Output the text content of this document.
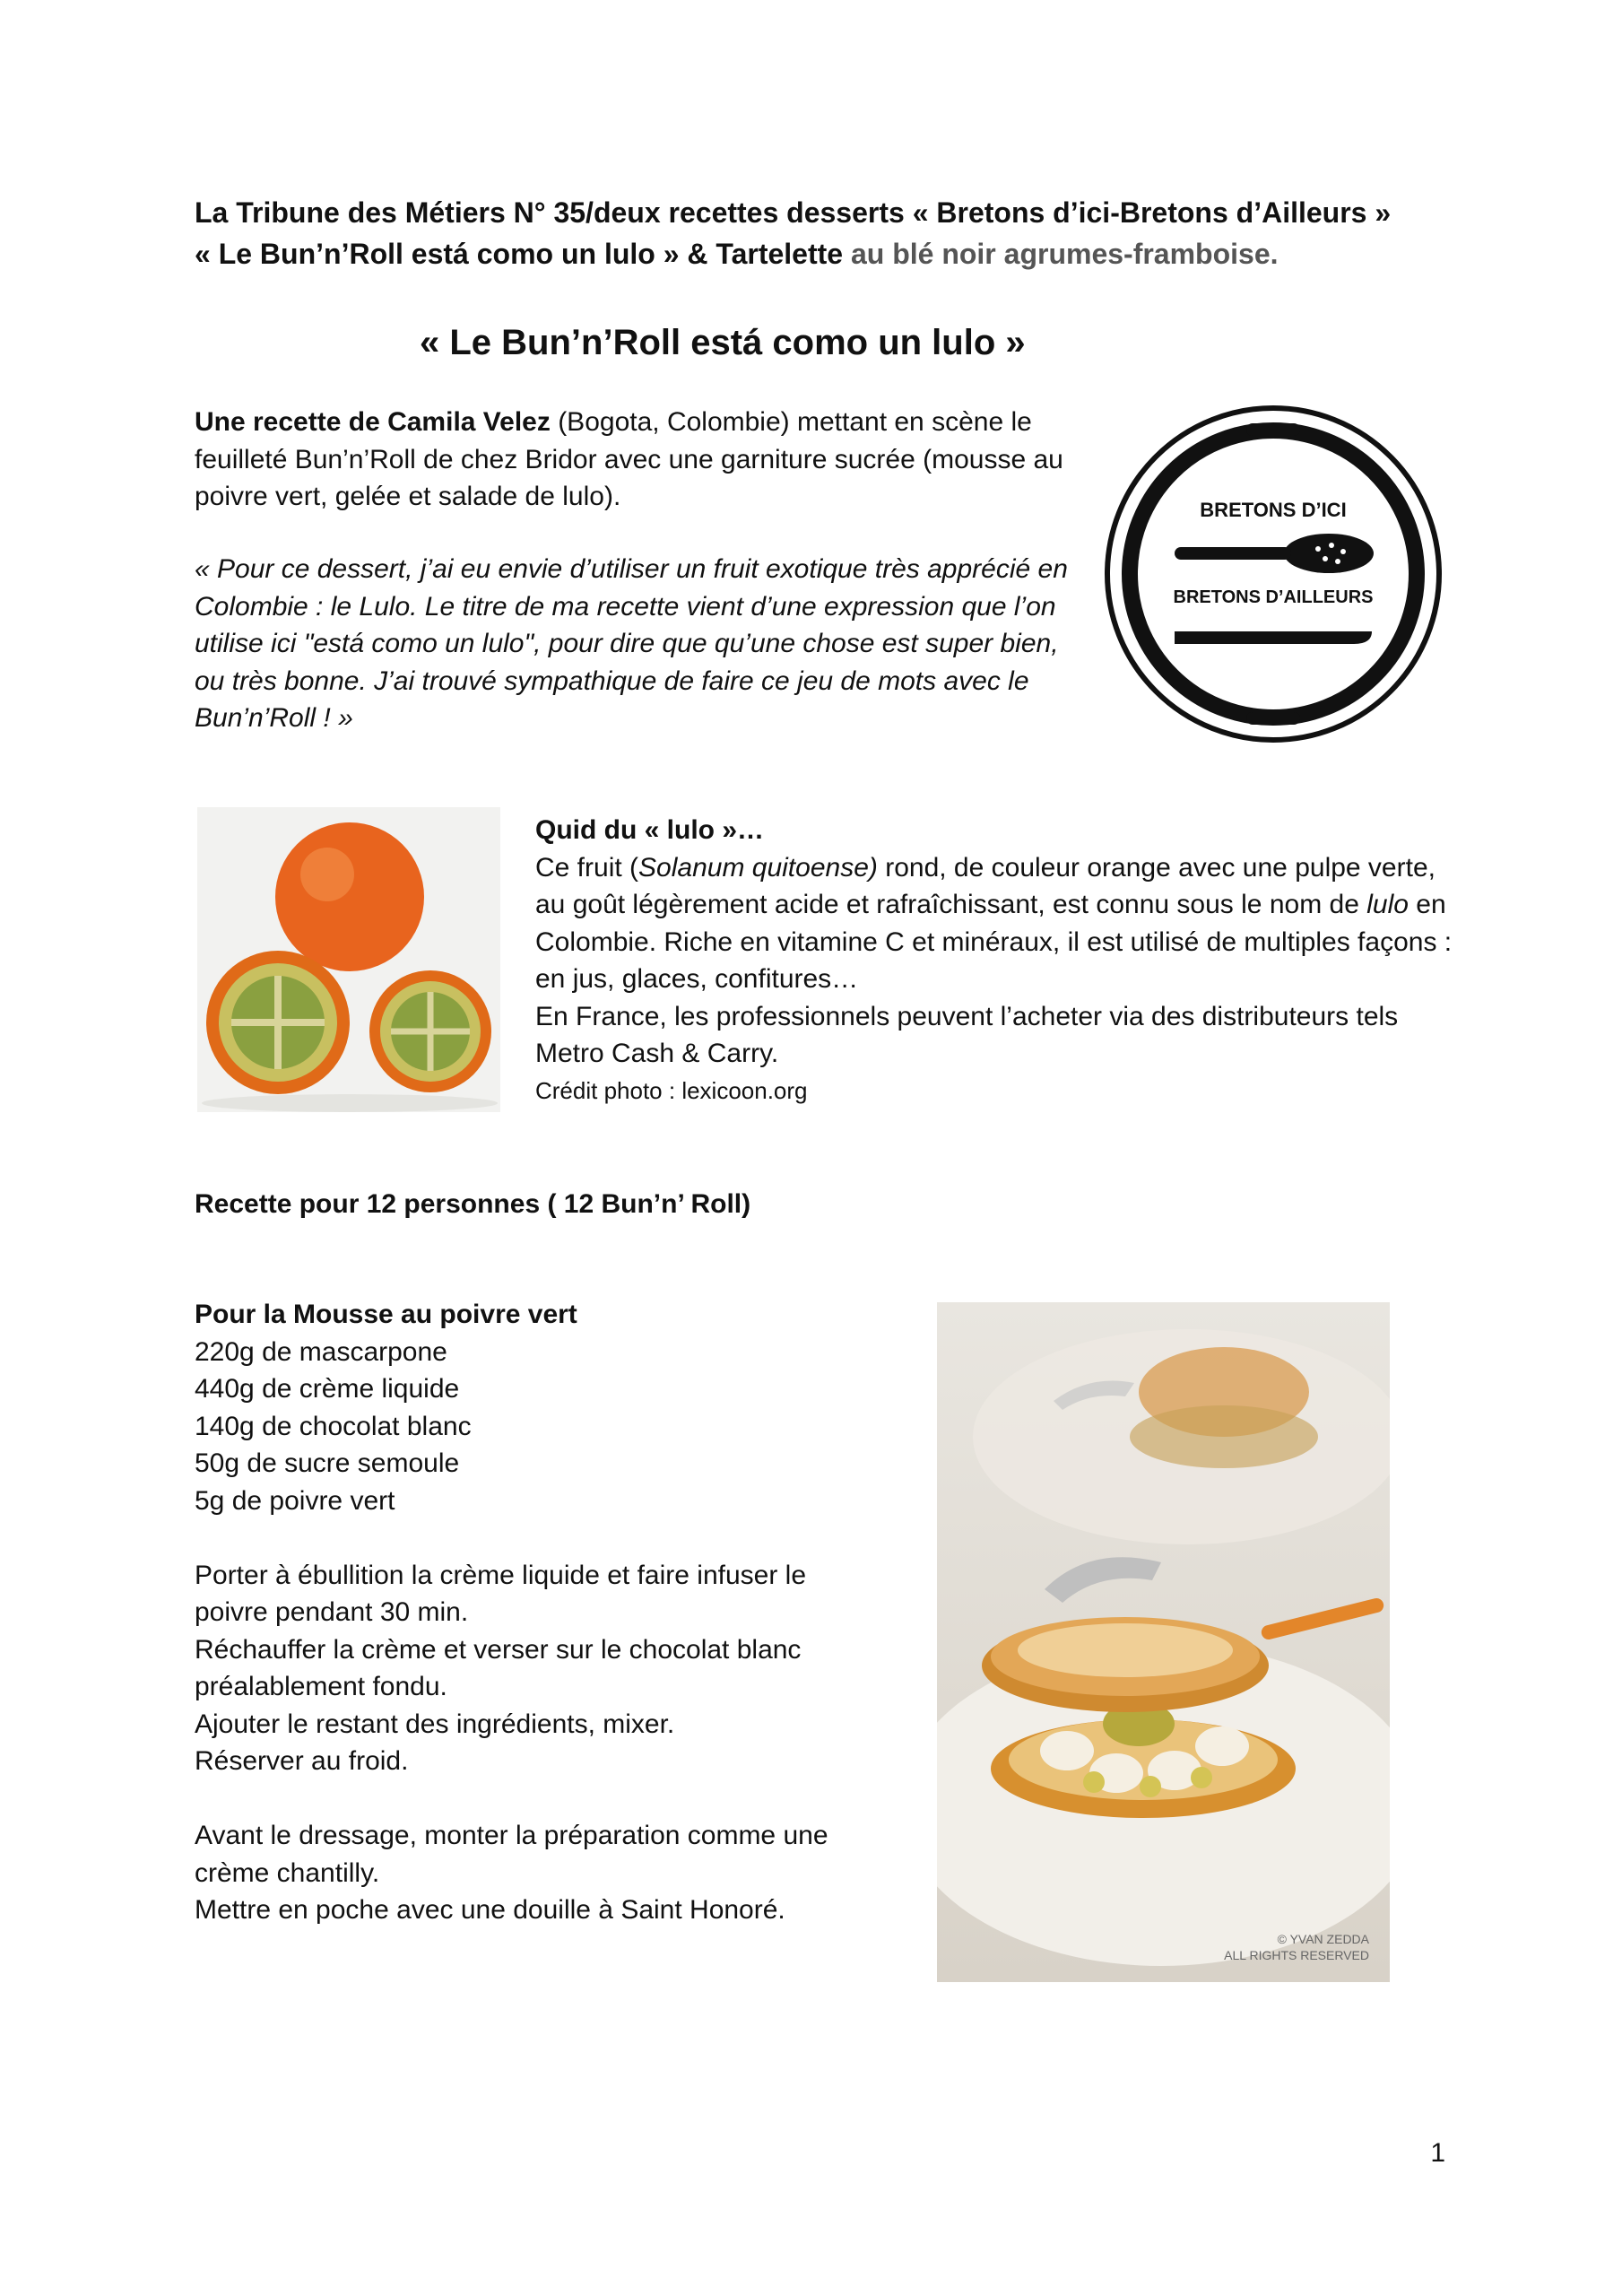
La Tribune des Métiers N° 35/deux recettes desserts « Bretons d’ici-Bretons d’Ailleurs »
« Le Bun’n’Roll está como un lulo » & Tartelette au blé noir agrumes-framboise.
« Le Bun’n’Roll está como un lulo »
Une recette de Camila Velez (Bogota, Colombie) mettant en scène le feuilleté Bun’n’Roll de chez Bridor avec une garniture sucrée (mousse au poivre vert, gelée et salade de lulo).
« Pour ce dessert, j’ai eu envie d’utiliser un fruit exotique très apprécié en Colombie : le Lulo. Le titre de ma recette vient d’une expression que l’on utilise ici "está como un lulo", pour dire que qu’une chose est super bien, ou très bonne. J’ai trouvé sympathique de faire ce jeu de mots avec le Bun’n’Roll ! »
BRETONS D’ICI
BRETONS D’AILLEURS

Quid du « lulo »…

Ce fruit (Solanum quitoense) rond, de couleur orange avec une pulpe verte, au goût légèrement acide et rafraîchissant, est connu sous le nom de lulo en Colombie. Riche en vitamine C et minéraux, il est utilisé de multiples façons : en jus, glaces, confitures…

En France, les professionnels peuvent l’acheter via des distributeurs tels Metro Cash & Carry.

Crédit photo : lexicoon.org

Recette pour 12 personnes ( 12 Bun’n’ Roll)

Pour la Mousse au poivre vert

220g de mascarpone

440g de crème liquide

140g de chocolat blanc

50g de sucre semoule

5g de poivre vert

Porter à ébullition la crème liquide et faire infuser le poivre pendant 30 min.

Réchauffer la crème et verser sur le chocolat blanc préalablement fondu.

Ajouter le restant des ingrédients, mixer.

Réserver au froid.

Avant le dressage, monter la préparation comme une crème chantilly.

Mettre en poche avec une douille à Saint Honoré.

© YVAN ZEDDA
ALL RIGHTS RESERVED
1
